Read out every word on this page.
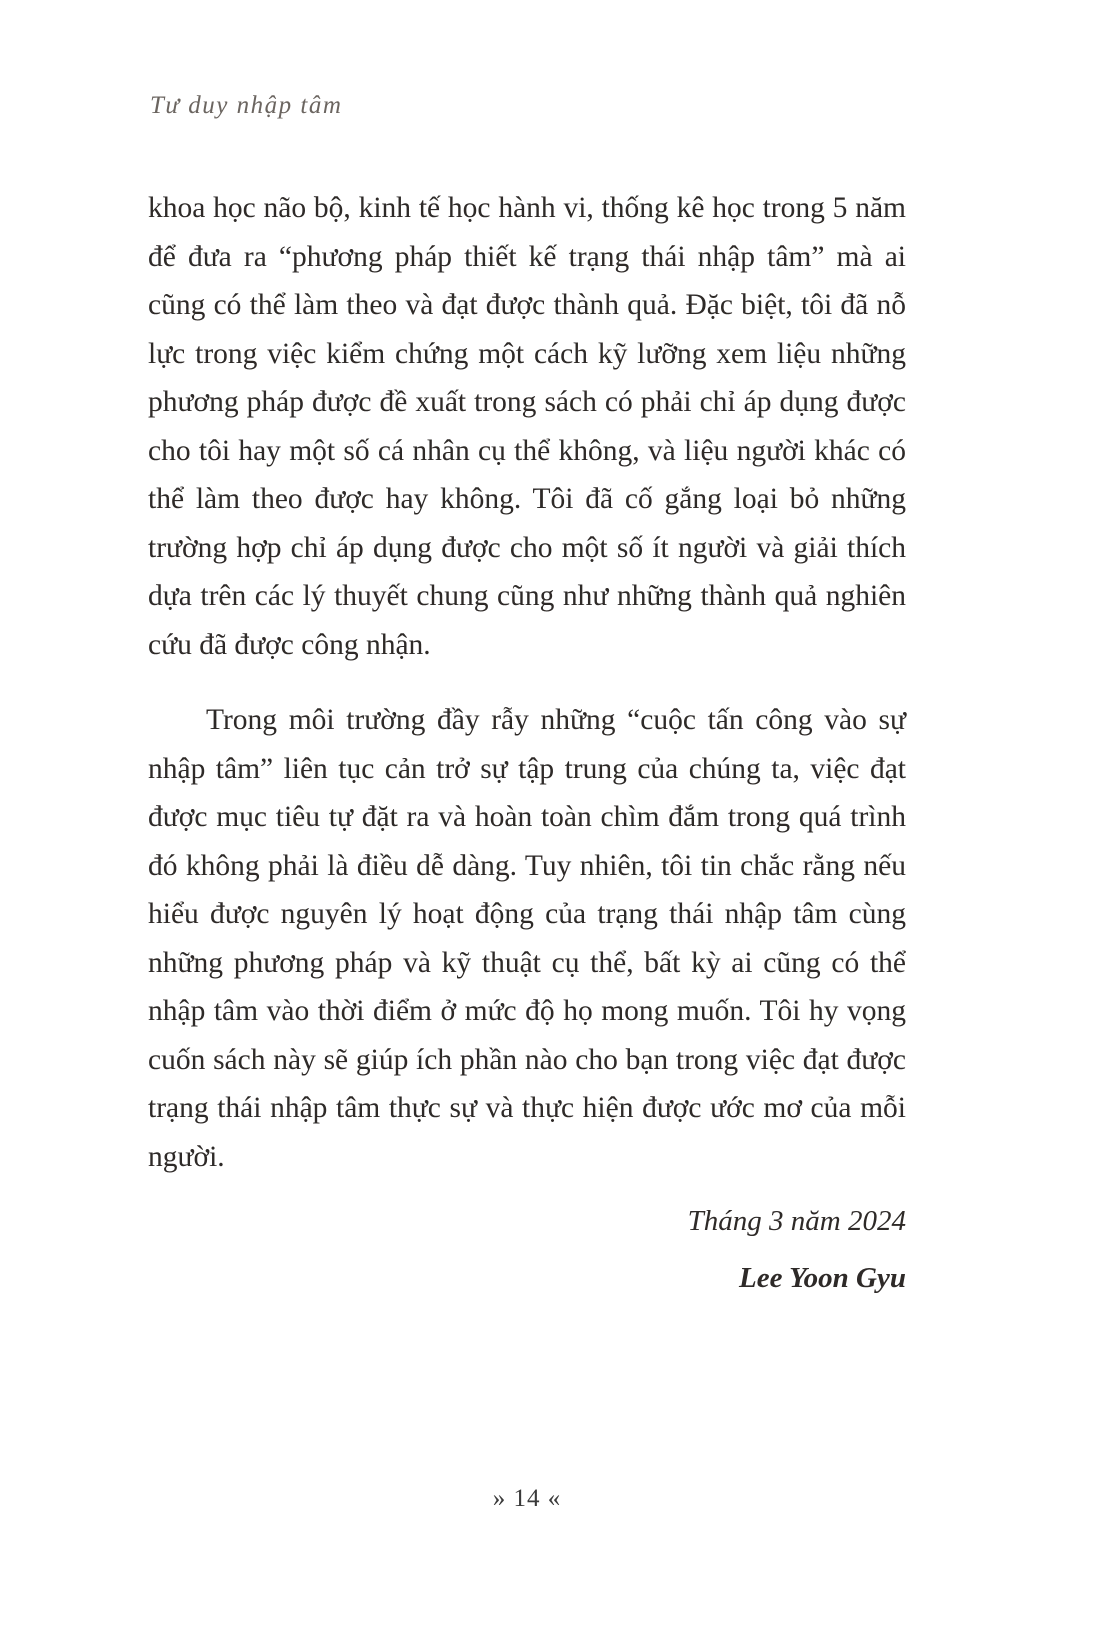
Tư duy nhập tâm

khoa học não bộ, kinh tế học hành vi, thống kê học trong 5 năm để đưa ra “phương pháp thiết kế trạng thái nhập tâm” mà ai cũng có thể làm theo và đạt được thành quả. Đặc biệt, tôi đã nỗ lực trong việc kiểm chứng một cách kỹ lưỡng xem liệu những phương pháp được đề xuất trong sách có phải chỉ áp dụng được cho tôi hay một số cá nhân cụ thể không, và liệu người khác có thể làm theo được hay không. Tôi đã cố gắng loại bỏ những trường hợp chỉ áp dụng được cho một số ít người và giải thích dựa trên các lý thuyết chung cũng như những thành quả nghiên cứu đã được công nhận.

Trong môi trường đầy rẫy những “cuộc tấn công vào sự nhập tâm” liên tục cản trở sự tập trung của chúng ta, việc đạt được mục tiêu tự đặt ra và hoàn toàn chìm đắm trong quá trình đó không phải là điều dễ dàng. Tuy nhiên, tôi tin chắc rằng nếu hiểu được nguyên lý hoạt động của trạng thái nhập tâm cùng những phương pháp và kỹ thuật cụ thể, bất kỳ ai cũng có thể nhập tâm vào thời điểm ở mức độ họ mong muốn. Tôi hy vọng cuốn sách này sẽ giúp ích phần nào cho bạn trong việc đạt được trạng thái nhập tâm thực sự và thực hiện được ước mơ của mỗi người.

Tháng 3 năm 2024

Lee Yoon Gyu

» 14 «
